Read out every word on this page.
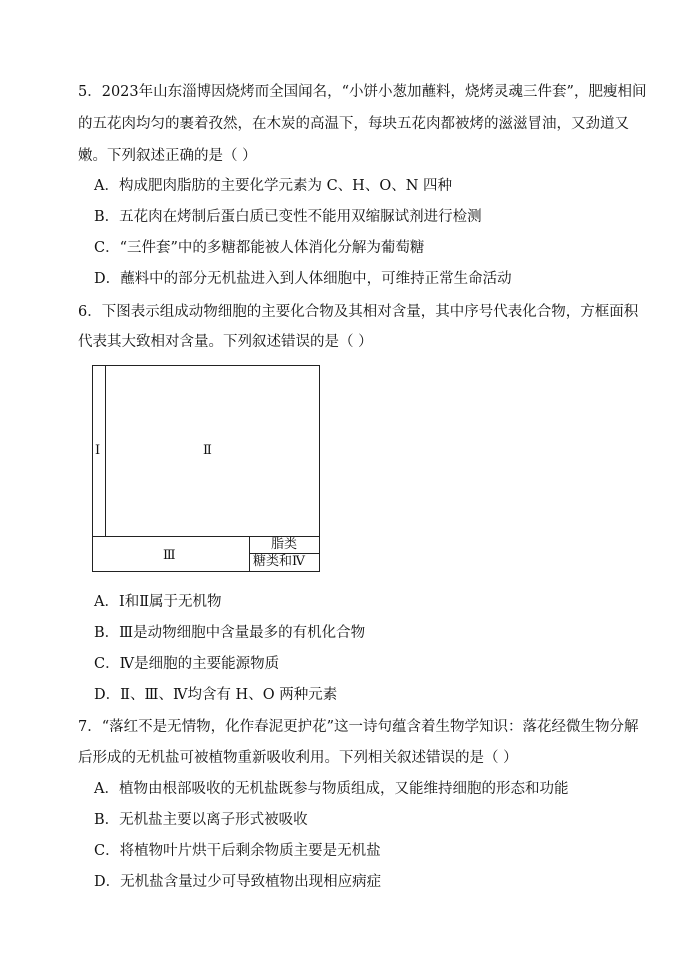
5．2023年山东淄博因烧烤而全国闻名，“小饼小葱加蘸料，烧烤灵魂三件套”，肥瘦相间
的五花肉均匀的裹着孜然，在木炭的高温下，每块五花肉都被烤的滋滋冒油，又劲道又
嫩。下列叙述正确的是（ ）
A．构成肥肉脂肪的主要化学元素为 C、H、O、N 四种
B．五花肉在烤制后蛋白质已变性不能用双缩脲试剂进行检测
C．“三件套”中的多糖都能被人体消化分解为葡萄糖
D．蘸料中的部分无机盐进入到人体细胞中，可维持正常生命活动
6．下图表示组成动物细胞的主要化合物及其相对含量，其中序号代表化合物，方框面积
代表其大致相对含量。下列叙述错误的是（ ）
Ⅰ	Ⅱ
Ⅲ
脂类
糖类和Ⅳ
A．Ⅰ和Ⅱ属于无机物
B．Ⅲ是动物细胞中含量最多的有机化合物
C．Ⅳ是细胞的主要能源物质
D．Ⅱ、Ⅲ、Ⅳ均含有 H、O 两种元素
7．“落红不是无情物，化作春泥更护花”这一诗句蕴含着生物学知识：落花经微生物分解
后形成的无机盐可被植物重新吸收利用。下列相关叙述错误的是（ ）
A．植物由根部吸收的无机盐既参与物质组成，又能维持细胞的形态和功能
B．无机盐主要以离子形式被吸收
C．将植物叶片烘干后剩余物质主要是无机盐
D．无机盐含量过少可导致植物出现相应病症
